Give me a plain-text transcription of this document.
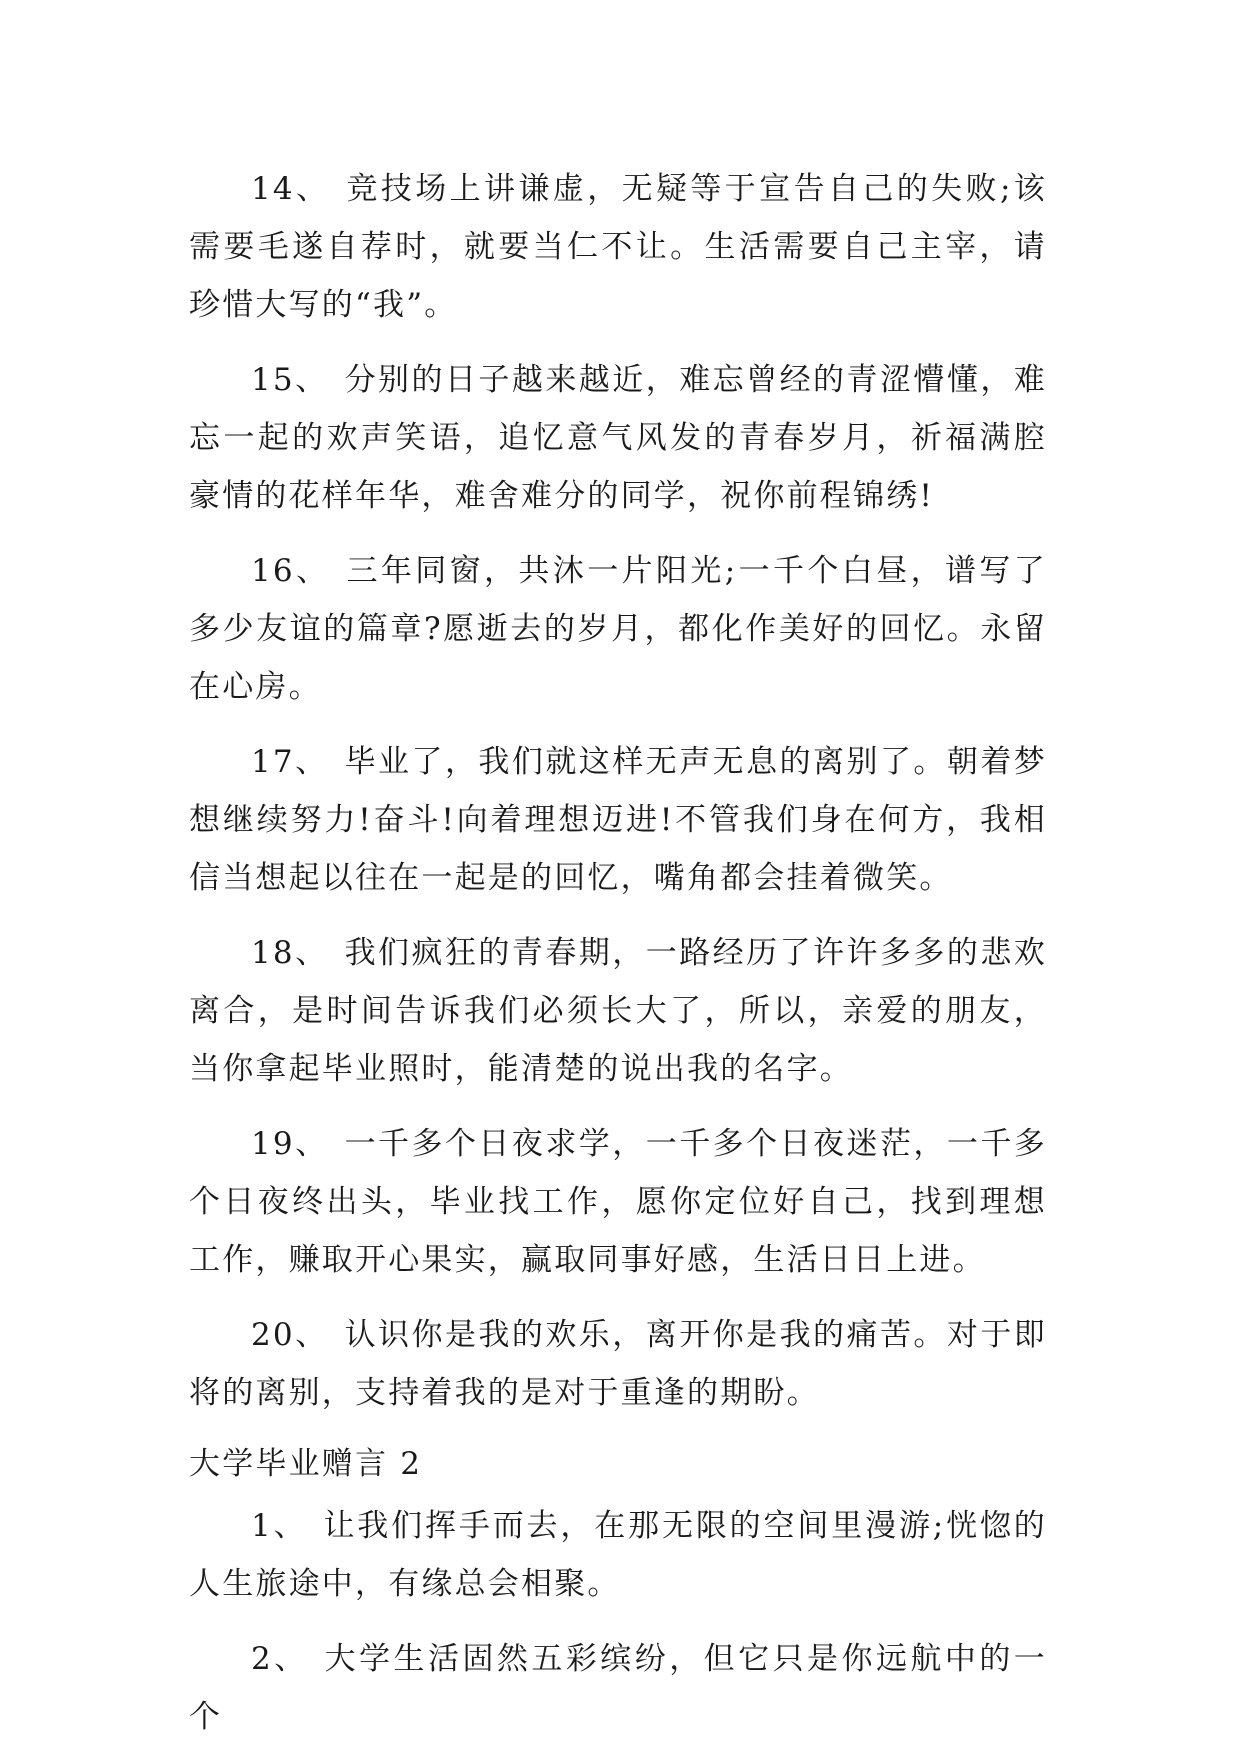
14、 竞技场上讲谦虚，无疑等于宣告自己的失败;该需要毛遂自荐时，就要当仁不让。生活需要自己主宰，请珍惜大写的“我”。

15、 分别的日子越来越近，难忘曾经的青涩懵懂，难忘一起的欢声笑语，追忆意气风发的青春岁月，祈福满腔豪情的花样年华，难舍难分的同学，祝你前程锦绣!

16、 三年同窗，共沐一片阳光;一千个白昼，谱写了多少友谊的篇章?愿逝去的岁月，都化作美好的回忆。永留在心房。

17、 毕业了，我们就这样无声无息的离别了。朝着梦想继续努力!奋斗!向着理想迈进!不管我们身在何方，我相信当想起以往在一起是的回忆，嘴角都会挂着微笑。

18、 我们疯狂的青春期，一路经历了许许多多的悲欢离合，是时间告诉我们必须长大了，所以，亲爱的朋友，当你拿起毕业照时，能清楚的说出我的名字。

19、 一千多个日夜求学，一千多个日夜迷茫，一千多个日夜终出头，毕业找工作，愿你定位好自己，找到理想工作，赚取开心果实，赢取同事好感，生活日日上进。

20、 认识你是我的欢乐，离开你是我的痛苦。对于即将的离别，支持着我的是对于重逢的期盼。

大学毕业赠言 2

1、 让我们挥手而去，在那无限的空间里漫游;恍惚的人生旅途中，有缘总会相聚。

2、 大学生活固然五彩缤纷，但它只是你远航中的一个
